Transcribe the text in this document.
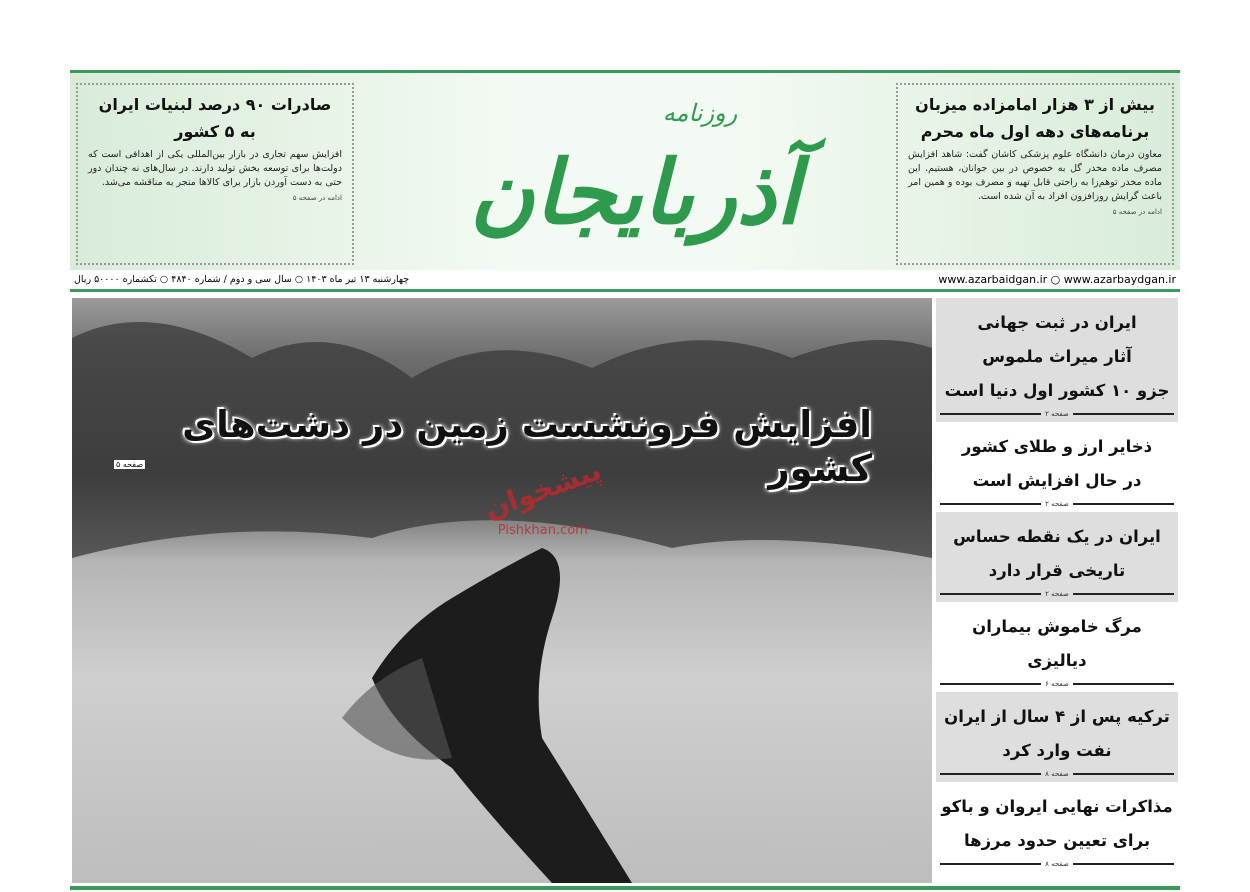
بیش از ۳ هزار امامزاده میزبان
برنامه‌های دهه اول ماه محرم

معاون درمان دانشگاه علوم پزشکی کاشان گفت: شاهد افزایش مصرف ماده مخدر گل به خصوص در بین جوانان، هستیم. این ماده مخدر توهم‌زا به راحتی قابل تهیه و مصرف بوده و همین امر باعث گرایش روزافزون افراد به آن شده است.

ادامه در صفحه ۵
روزنامه
آذربایجان
صادرات ۹۰ درصد لبنیات ایران
به ۵ کشور

افزایش سهم تجاری در بازار بین‌المللی یکی از اهدافی است که دولت‌ها برای توسعه بخش تولید دارند. در سال‌های نه چندان دور حتی به دست آوردن بازار برای کالاها منجر به مناقشه می‌شد.

ادامه در صفحه ۵
www.azarbaidgan.ir ○ www.azarbaydgan.ir
چهارشنبه ۱۳ تیر ماه ۱۴۰۳ ○ سال سی و دوم / شماره ۴۸۴۰ ○ تکشماره ۵۰۰۰۰ ریال
افزایش فرونشست زمین در دشت‌های کشور
صفحه ۵	پیشخوان
Pishkhan.com
ایران در ثبت جهانی
آثار میراث ملموس
جزو ۱۰ کشور اول دنیا است
صفحه ۲
ذخایر ارز و طلای کشور
در حال افزایش است
صفحه ۲
ایران در یک نقطه حساس
تاریخی قرار دارد
صفحه ۲
مرگ خاموش بیماران دیالیزی
صفحه ۶
ترکیه پس از ۴ سال از ایران
نفت وارد کرد
صفحه ۸
مذاکرات نهایی ایروان و باکو
برای تعیین حدود مرزها
صفحه ۸
